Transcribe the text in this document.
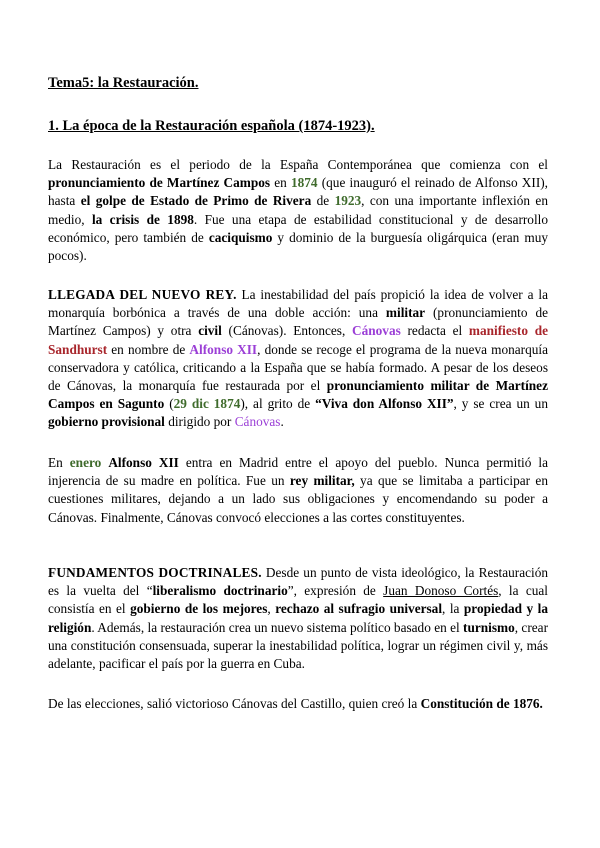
Tema5: la Restauración.
1. La época de la Restauración española (1874-1923).

La Restauración es el periodo de la España Contemporánea que comienza con el pronunciamiento de Martínez Campos en 1874 (que inauguró el reinado de Alfonso XII), hasta el golpe de Estado de Primo de Rivera de 1923, con una importante inflexión en medio, la crisis de 1898. Fue una etapa de estabilidad constitucional y de desarrollo económico, pero también de caciquismo y dominio de la burguesía oligárquica (eran muy pocos).

LLEGADA DEL NUEVO REY. La inestabilidad del país propició la idea de volver a la monarquía borbónica a través de una doble acción: una militar (pronunciamiento de Martínez Campos) y otra civil (Cánovas). Entonces, Cánovas redacta el manifiesto de Sandhurst en nombre de Alfonso XII, donde se recoge el programa de la nueva monarquía conservadora y católica, criticando a la España que se había formado. A pesar de los deseos de Cánovas, la monarquía fue restaurada por el pronunciamiento militar de Martínez Campos en Sagunto (29 dic 1874), al grito de “Viva don Alfonso XII”, y se crea un un gobierno provisional dirigido por Cánovas.

En enero Alfonso XII entra en Madrid entre el apoyo del pueblo. Nunca permitió la injerencia de su madre en política. Fue un rey militar, ya que se limitaba a participar en cuestiones militares, dejando a un lado sus obligaciones y encomendando su poder a Cánovas. Finalmente, Cánovas convocó elecciones a las cortes constituyentes.

FUNDAMENTOS DOCTRINALES. Desde un punto de vista ideológico, la Restauración es la vuelta del “liberalismo doctrinario”, expresión de Juan Donoso Cortés, la cual consistía en el gobierno de los mejores, rechazo al sufragio universal, la propiedad y la religión. Además, la restauración crea un nuevo sistema político basado en el turnismo, crear una constitución consensuada, superar la inestabilidad política, lograr un régimen civil y, más adelante, pacificar el país por la guerra en Cuba.

De las elecciones, salió victorioso Cánovas del Castillo, quien creó la Constitución de 1876.
